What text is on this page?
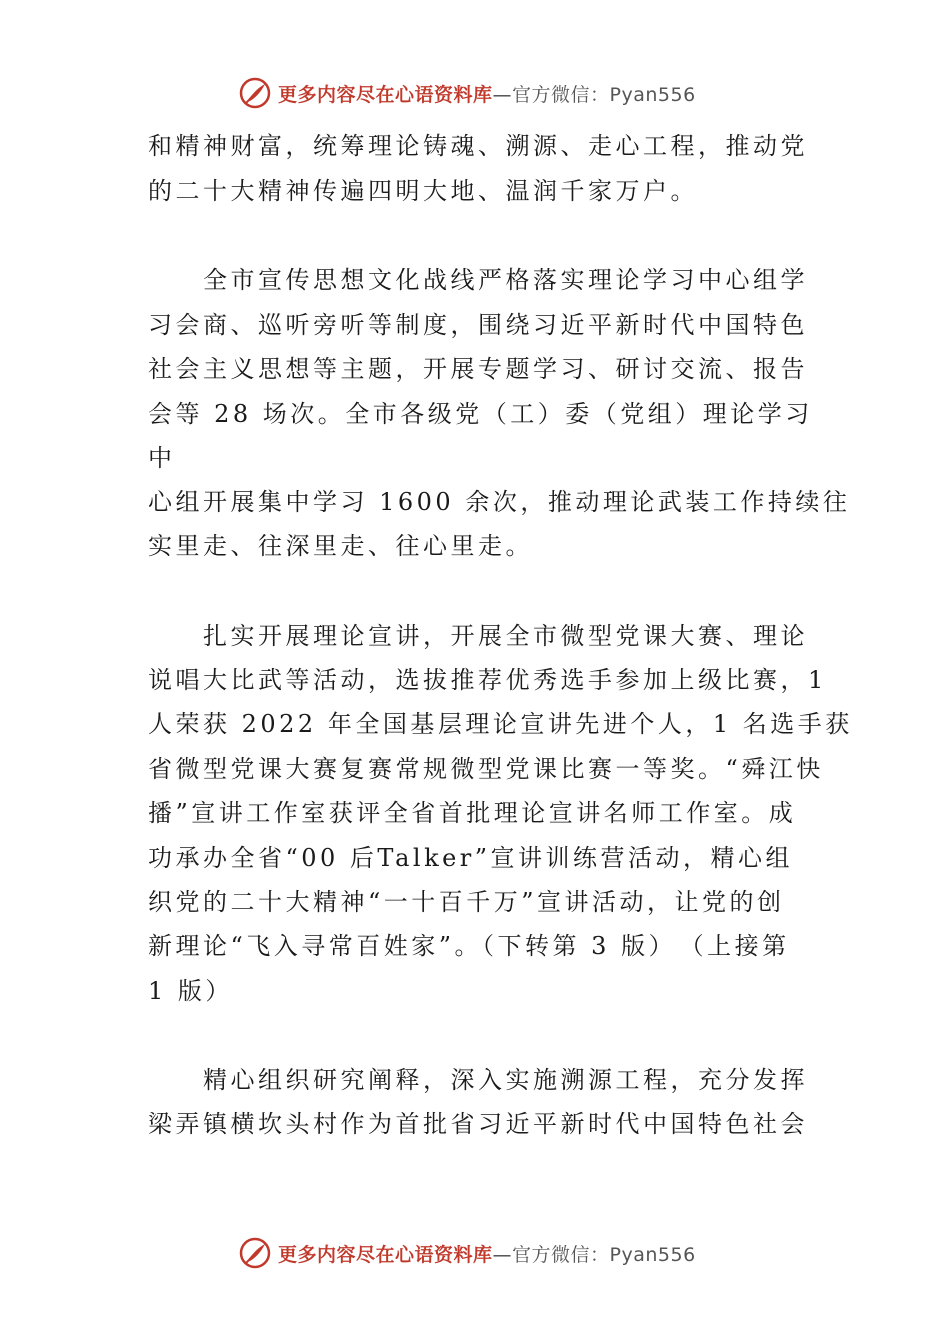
更多内容尽在心语资料库—官方微信：Pyan556
和精神财富，统筹理论铸魂、溯源、走心工程，推动党
的二十大精神传遍四明大地、温润千家万户。
　　全市宣传思想文化战线严格落实理论学习中心组学
习会商、巡听旁听等制度，围绕习近平新时代中国特色
社会主义思想等主题，开展专题学习、研讨交流、报告
会等 28 场次。全市各级党（工）委（党组）理论学习
中
心组开展集中学习 1600 余次，推动理论武装工作持续往
实里走、往深里走、往心里走。
　　扎实开展理论宣讲，开展全市微型党课大赛、理论
说唱大比武等活动，选拔推荐优秀选手参加上级比赛，1
人荣获 2022 年全国基层理论宣讲先进个人，1 名选手获
省微型党课大赛复赛常规微型党课比赛一等奖。“舜江快
播”宣讲工作室获评全省首批理论宣讲名师工作室。成
功承办全省“00 后Talker”宣讲训练营活动，精心组
织党的二十大精神“一十百千万”宣讲活动，让党的创
新理论“飞入寻常百姓家”。（下转第 3 版）　（上接第
1 版）
　　精心组织研究阐释，深入实施溯源工程，充分发挥
梁弄镇横坎头村作为首批省习近平新时代中国特色社会
更多内容尽在心语资料库—官方微信：Pyan556
